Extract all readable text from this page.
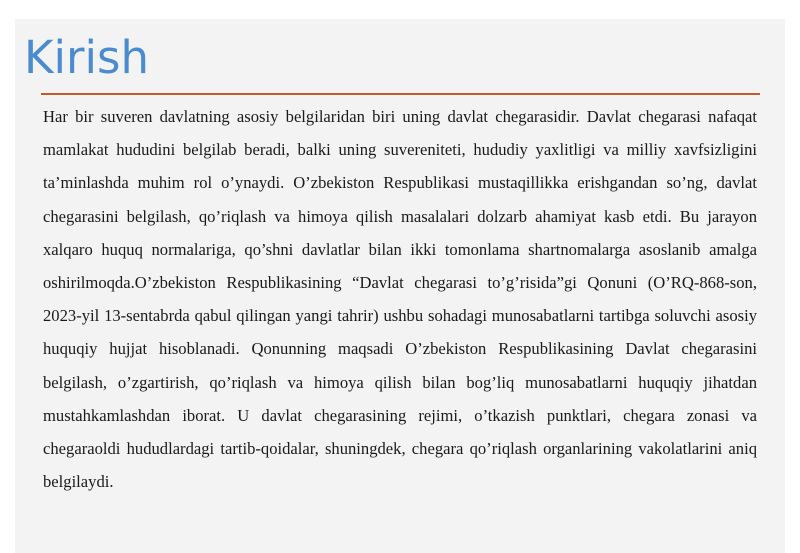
Kirish

Har bir suveren davlatning asosiy belgilaridan biri uning davlat chegarasidir. Davlat chegarasi nafaqat mamlakat hududini belgilab beradi, balki uning suvereniteti, hududiy yaxlitligi va milliy xavfsizligini ta’minlashda muhim rol o’ynaydi. O’zbekiston Respublikasi mustaqillikka erishgandan so’ng, davlat chegarasini belgilash, qo’riqlash va himoya qilish masalalari dolzarb ahamiyat kasb etdi. Bu jarayon xalqaro huquq normalariga, qo’shni davlatlar bilan ikki tomonlama shartnomalarga asoslanib amalga oshirilmoqda.O’zbekiston Respublikasining “Davlat chegarasi to’g’risida”gi Qonuni (O’RQ-868-son, 2023-yil 13-sentabrda qabul qilingan yangi tahrir) ushbu sohadagi munosabatlarni tartibga soluvchi asosiy huquqiy hujjat hisoblanadi. Qonunning maqsadi O’zbekiston Respublikasining Davlat chegarasini belgilash, o’zgartirish, qo’riqlash va himoya qilish bilan bog’liq munosabatlarni huquqiy jihatdan mustahkamlashdan iborat. U davlat chegarasining rejimi, o’tkazish punktlari, chegara zonasi va chegaraoldi hududlardagi tartib-qoidalar, shuningdek, chegara qo’riqlash organlarining vakolatlarini aniq belgilaydi.
